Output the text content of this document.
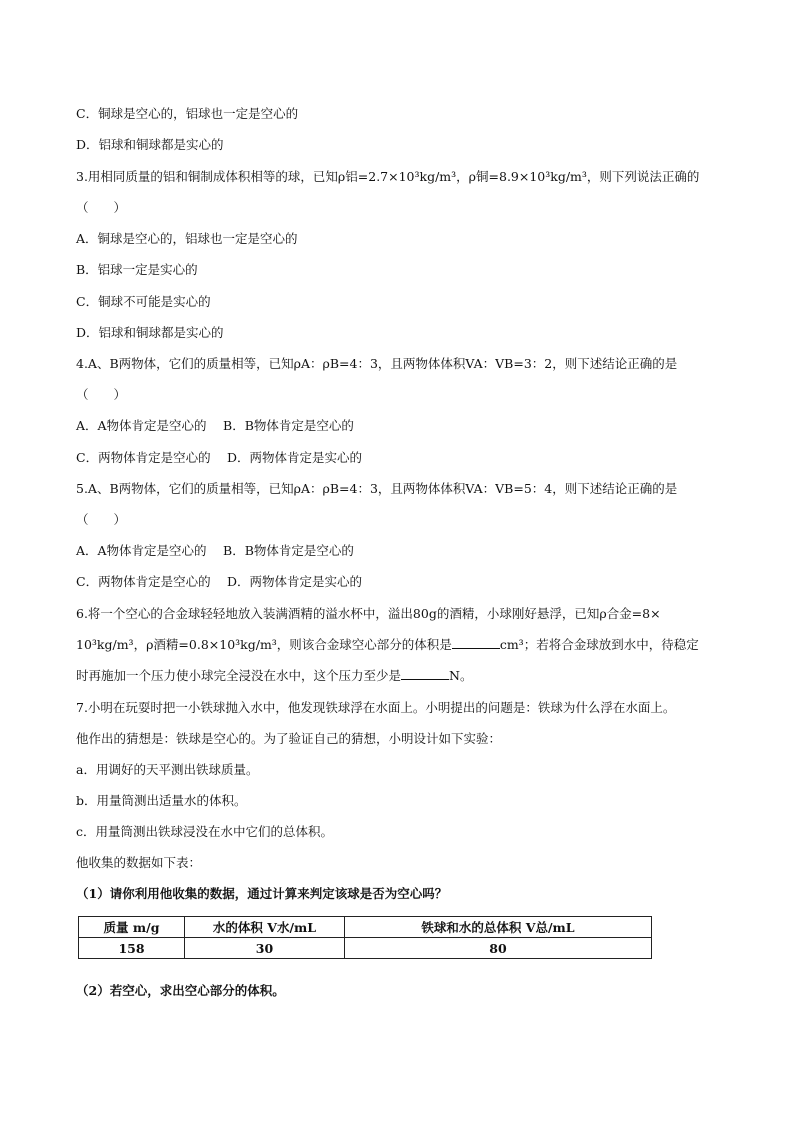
C．铜球是空心的，铝球也一定是空心的
D．铝球和铜球都是实心的
3.用相同质量的铝和铜制成体积相等的球，已知ρ铝=2.7×10³kg/m³，ρ铜=8.9×10³kg/m³，则下列说法正确的
（　　）
A．铜球是空心的，铝球也一定是空心的
B．铝球一定是实心的
C．铜球不可能是实心的
D．铝球和铜球都是实心的
4.A、B两物体，它们的质量相等，已知ρA：ρB=4：3，且两物体体积VA：VB=3：2，则下述结论正确的是
（　　）
A．A物体肯定是空心的　 B．B物体肯定是空心的
C．两物体肯定是空心的　 D．两物体肯定是实心的
5.A、B两物体，它们的质量相等，已知ρA：ρB=4：3，且两物体体积VA：VB=5：4，则下述结论正确的是
（　　）
A．A物体肯定是空心的　 B．B物体肯定是空心的
C．两物体肯定是空心的　 D．两物体肯定是实心的
7.小明在玩耍时把一小铁球抛入水中，他发现铁球浮在水面上。小明提出的问题是：铁球为什么浮在水面上。
他作出的猜想是：铁球是空心的。为了验证自己的猜想，小明设计如下实验：
a．用调好的天平测出铁球质量。
b．用量筒测出适量水的体积。
c．用量筒测出铁球浸没在水中它们的总体积。
他收集的数据如下表：
（1）请你利用他收集的数据，通过计算来判定该球是否为空心吗？
（2）若空心，求出空心部分的体积。
6.将一个空心的合金球轻轻地放入装满酒精的溢水杯中，溢出80g的酒精，小球刚好悬浮，已知ρ合金=8×
10³kg/m³，ρ酒精=0.8×10³kg/m³，则该合金球空心部分的体积是	cm³；若将合金球放到水中，待稳定
时再施加一个压力使小球完全浸没在水中，这个压力至少是	N。
质量 m/g	水的体积 V水/mL	铁球和水的总体积 V总/mL
158	30	80
